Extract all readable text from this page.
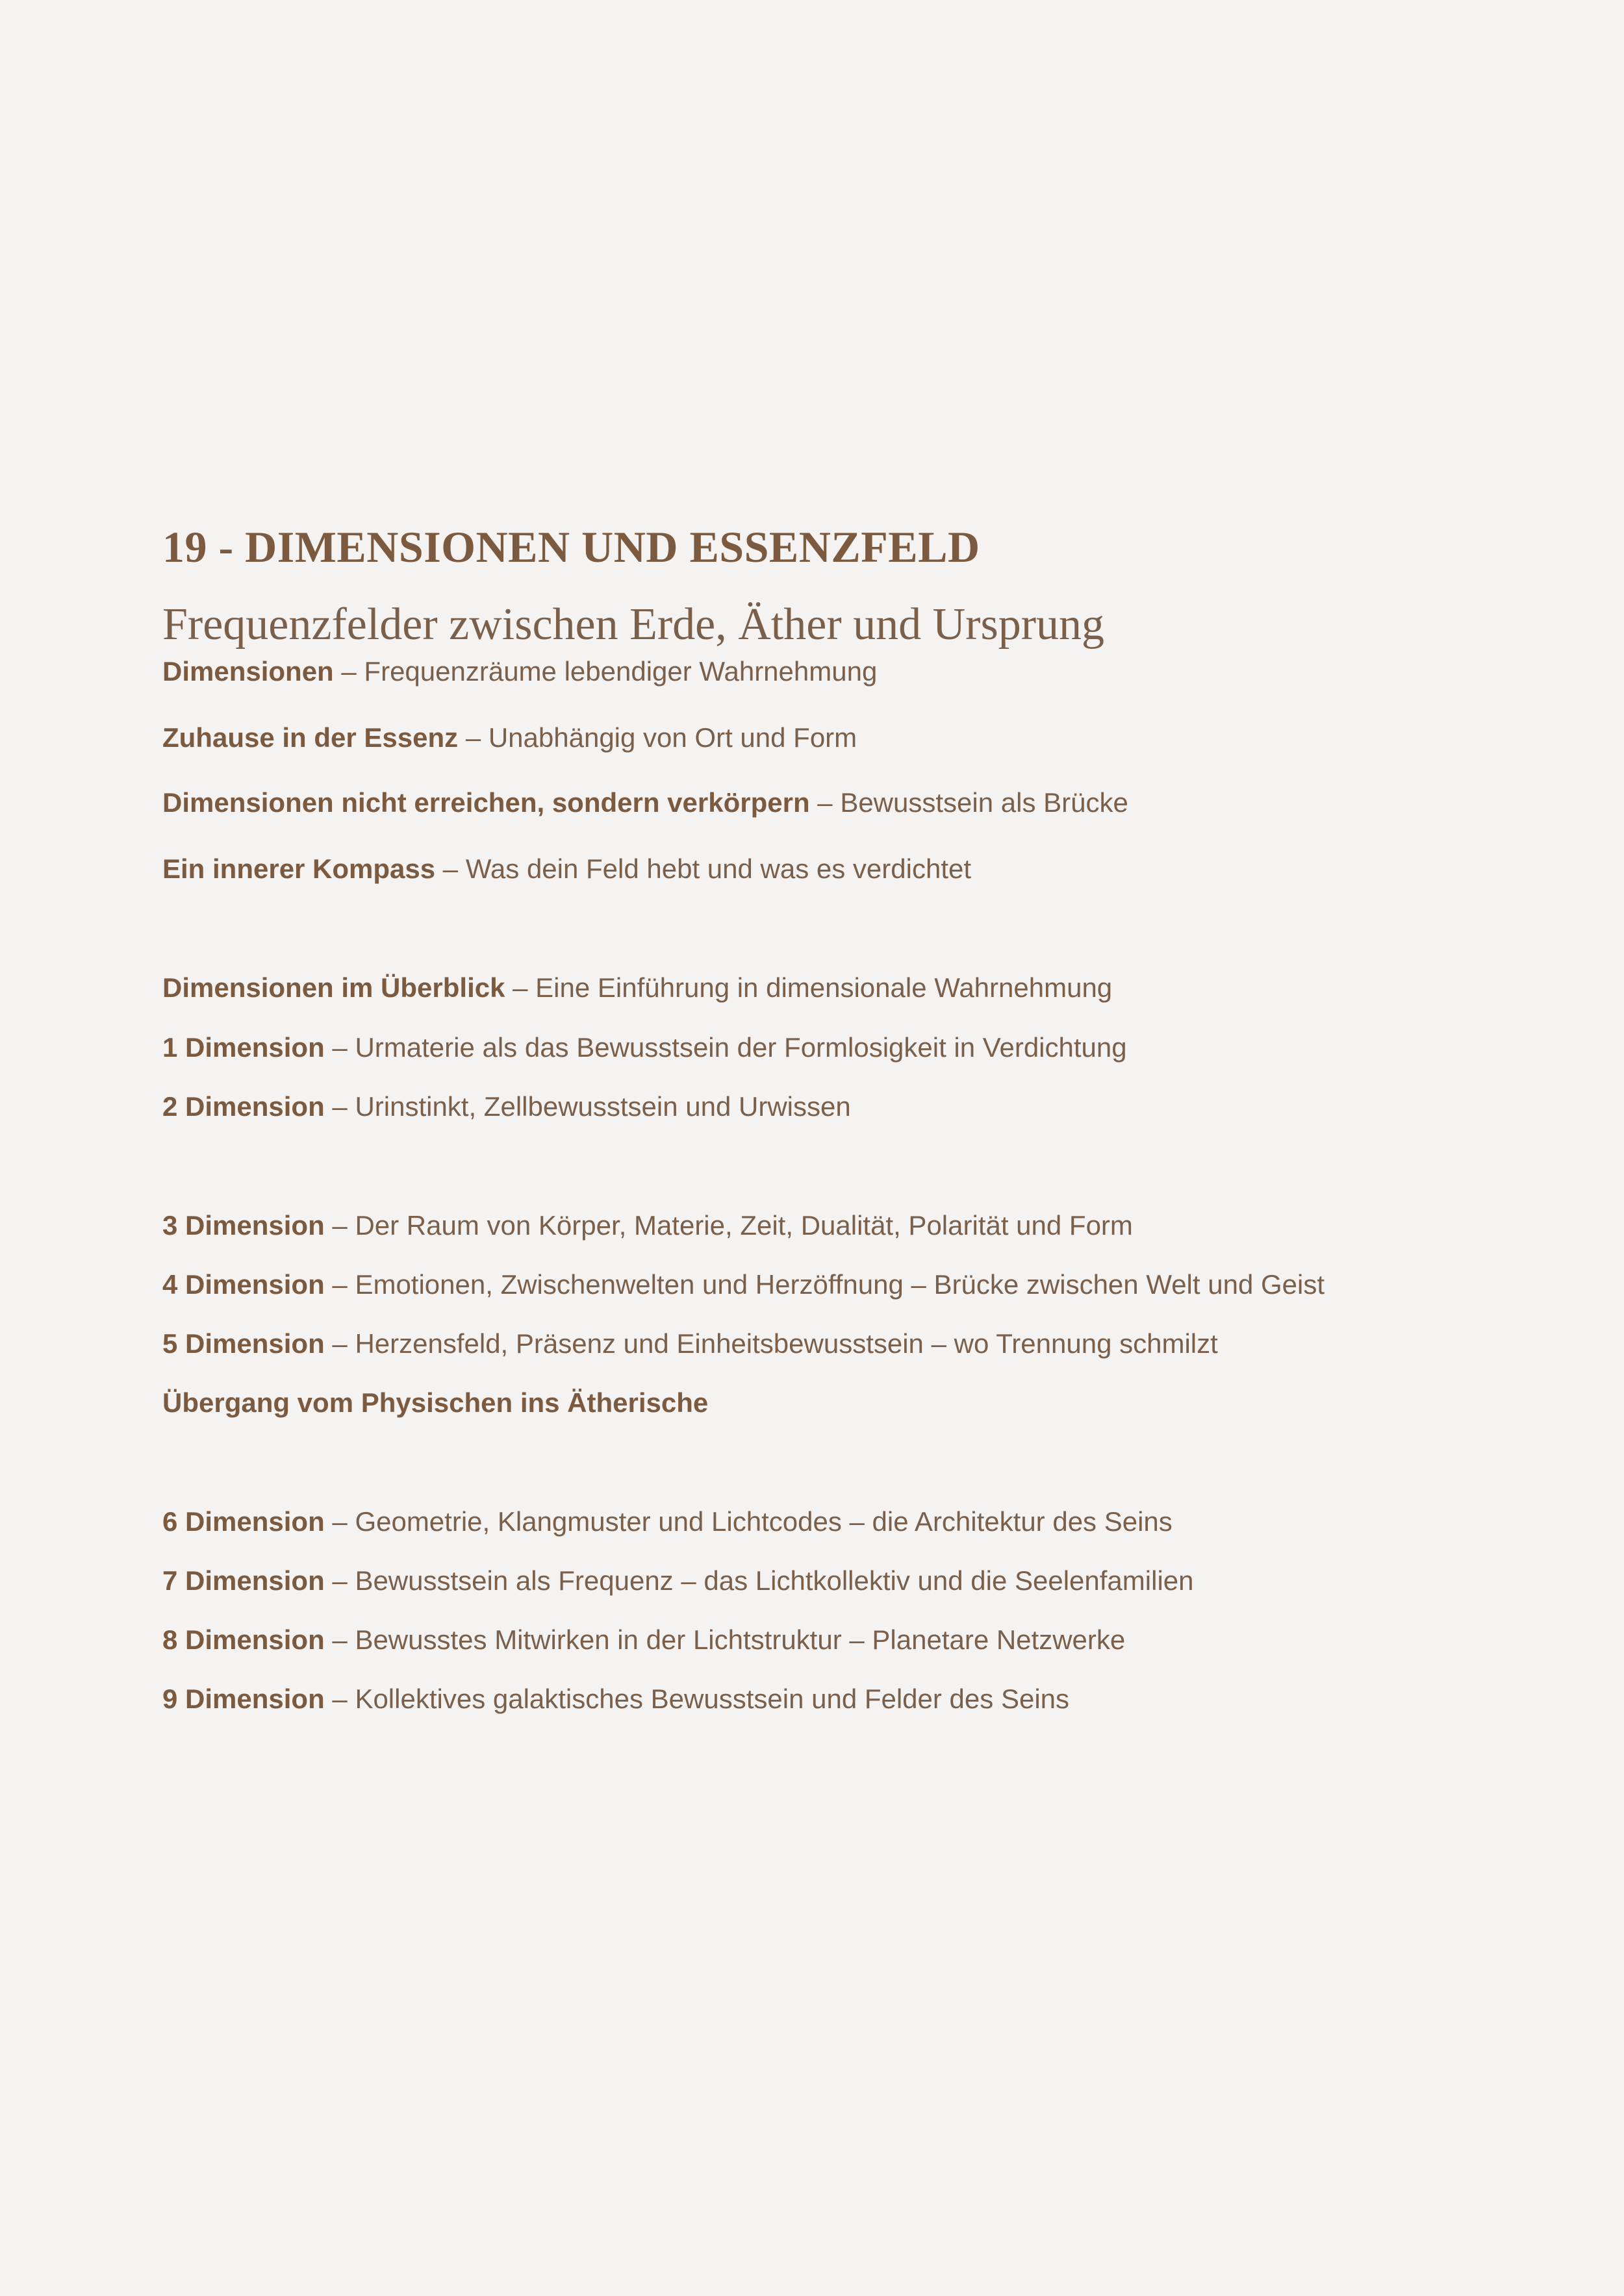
19 - DIMENSIONEN UND ESSENZFELD
Frequenzfelder zwischen Erde, Äther und Ursprung
Dimensionen – Frequenzräume lebendiger Wahrnehmung
Zuhause in der Essenz – Unabhängig von Ort und Form
Dimensionen nicht erreichen, sondern verkörpern – Bewusstsein als Brücke
Ein innerer Kompass – Was dein Feld hebt und was es verdichtet
Dimensionen im Überblick – Eine Einführung in dimensionale Wahrnehmung
1 Dimension – Urmaterie als das Bewusstsein der Formlosigkeit in Verdichtung
2 Dimension – Urinstinkt, Zellbewusstsein und Urwissen
3 Dimension – Der Raum von Körper, Materie, Zeit, Dualität, Polarität und Form
4 Dimension – Emotionen, Zwischenwelten und Herzöffnung – Brücke zwischen Welt und Geist
5 Dimension – Herzensfeld, Präsenz und Einheitsbewusstsein – wo Trennung schmilzt
Übergang vom Physischen ins Ätherische
6 Dimension – Geometrie, Klangmuster und Lichtcodes – die Architektur des Seins
7 Dimension – Bewusstsein als Frequenz – das Lichtkollektiv und die Seelenfamilien
8 Dimension – Bewusstes Mitwirken in der Lichtstruktur – Planetare Netzwerke
9 Dimension – Kollektives galaktisches Bewusstsein und Felder des Seins
